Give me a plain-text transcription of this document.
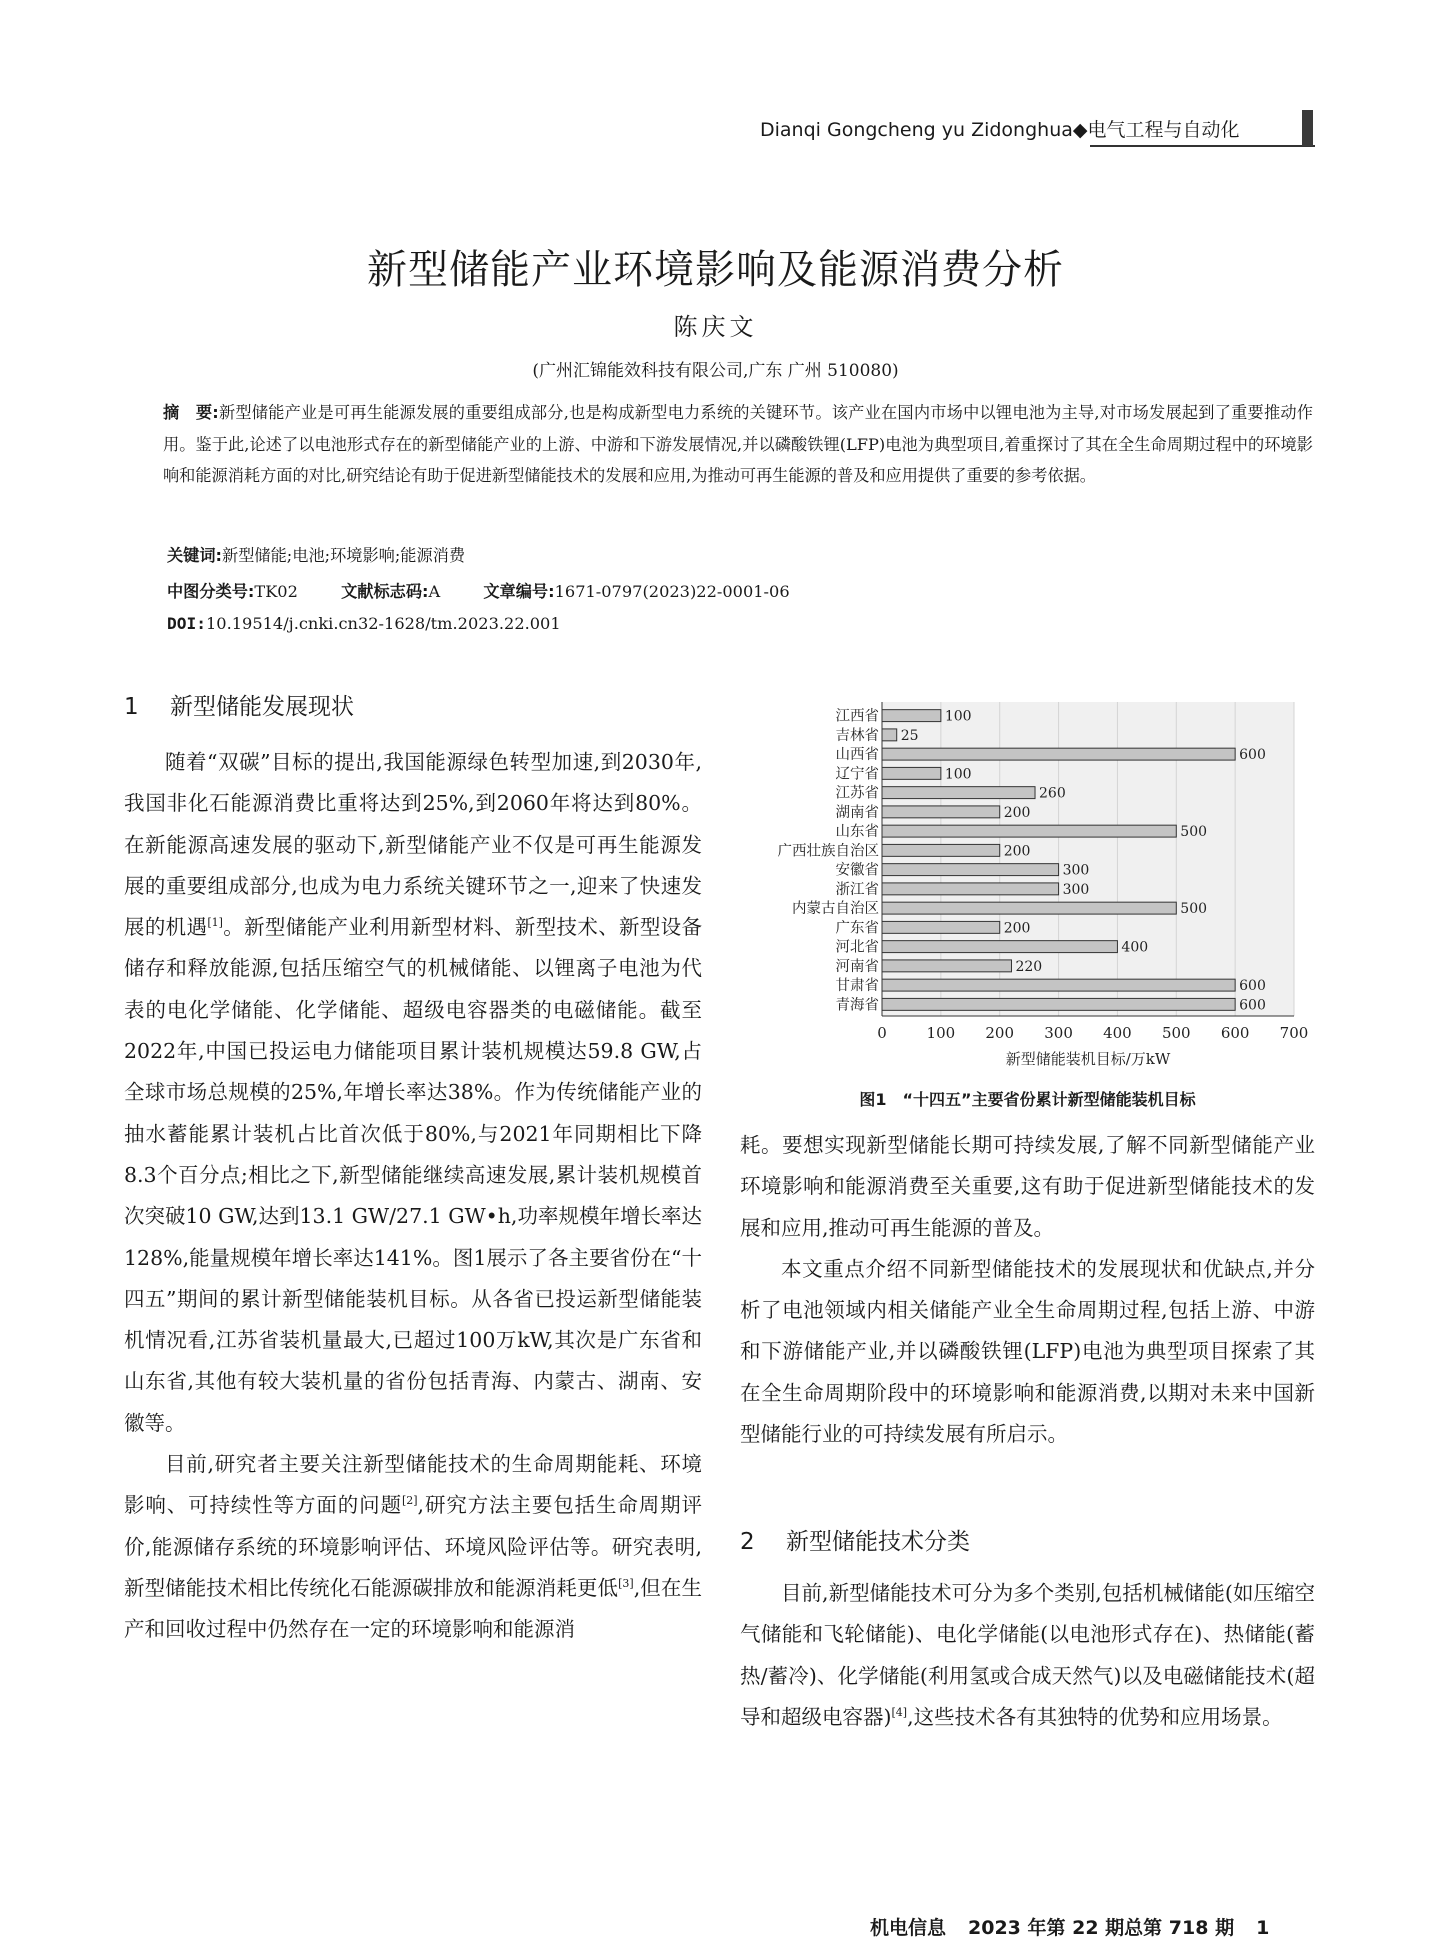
Dianqi Gongcheng yu Zidonghua◆电气工程与自动化
新型储能产业环境影响及能源消费分析
陈庆文
(广州汇锦能效科技有限公司,广东 广州 510080)
摘　要:新型储能产业是可再生能源发展的重要组成部分,也是构成新型电力系统的关键环节。该产业在国内市场中以锂电池为主导,对市场发展起到了重要推动作用。鉴于此,论述了以电池形式存在的新型储能产业的上游、中游和下游发展情况,并以磷酸铁锂(LFP)电池为典型项目,着重探讨了其在全生命周期过程中的环境影响和能源消耗方面的对比,研究结论有助于促进新型储能技术的发展和应用,为推动可再生能源的普及和应用提供了重要的参考依据。
关键词:新型储能;电池;环境影响;能源消费
中图分类号:TK02	文献标志码:A	文章编号:1671-0797(2023)22-0001-06
DOI:10.19514/j.cnki.cn32-1628/tm.2023.22.001
1 新型储能发展现状

随着“双碳”目标的提出,我国能源绿色转型加速,到2030年,我国非化石能源消费比重将达到25%,到2060年将达到80%。在新能源高速发展的驱动下,新型储能产业不仅是可再生能源发展的重要组成部分,也成为电力系统关键环节之一,迎来了快速发展的机遇[1]。新型储能产业利用新型材料、新型技术、新型设备储存和释放能源,包括压缩空气的机械储能、以锂离子电池为代表的电化学储能、化学储能、超级电容器类的电磁储能。截至2022年,中国已投运电力储能项目累计装机规模达59.8 GW,占全球市场总规模的25%,年增长率达38%。作为传统储能产业的抽水蓄能累计装机占比首次低于80%,与2021年同期相比下降8.3个百分点;相比之下,新型储能继续高速发展,累计装机规模首次突破10 GW,达到13.1 GW/27.1 GW•h,功率规模年增长率达128%,能量规模年增长率达141%。图1展示了各主要省份在“十四五”期间的累计新型储能装机目标。从各省已投运新型储能装机情况看,江苏省装机量最大,已超过100万kW,其次是广东省和山东省,其他有较大装机量的省份包括青海、内蒙古、湖南、安徽等。

目前,研究者主要关注新型储能技术的生命周期能耗、环境影响、可持续性等方面的问题[2],研究方法主要包括生命周期评价,能源储存系统的环境影响评估、环境风险评估等。研究表明,新型储能技术相比传统化石能源碳排放和能源消耗更低[3],但在生产和回收过程中仍然存在一定的环境影响和能源消

0	100 200 300 400 500 600 700
100
江西省
25
吉林省
600
山西省
100
辽宁省
260
江苏省
200
湖南省
500
山东省
200
广西壮族自治区
300
安徽省
300
浙江省
500
内蒙古自治区
200
广东省
400
河北省
220
河南省
600
甘肃省
600
青海省
新型储能装机目标/万kW
图1　“十四五”主要省份累计新型储能装机目标

耗。要想实现新型储能长期可持续发展,了解不同新型储能产业环境影响和能源消费至关重要,这有助于促进新型储能技术的发展和应用,推动可再生能源的普及。

本文重点介绍不同新型储能技术的发展现状和优缺点,并分析了电池领域内相关储能产业全生命周期过程,包括上游、中游和下游储能产业,并以磷酸铁锂(LFP)电池为典型项目探索了其在全生命周期阶段中的环境影响和能源消费,以期对未来中国新型储能行业的可持续发展有所启示。

2 新型储能技术分类

目前,新型储能技术可分为多个类别,包括机械储能(如压缩空气储能和飞轮储能)、电化学储能(以电池形式存在)、热储能(蓄热/蓄冷)、化学储能(利用氢或合成天然气)以及电磁储能技术(超导和超级电容器)[4],这些技术各有其独特的优势和应用场景。

机电信息 2023 年第 22 期总第 718 期 1
